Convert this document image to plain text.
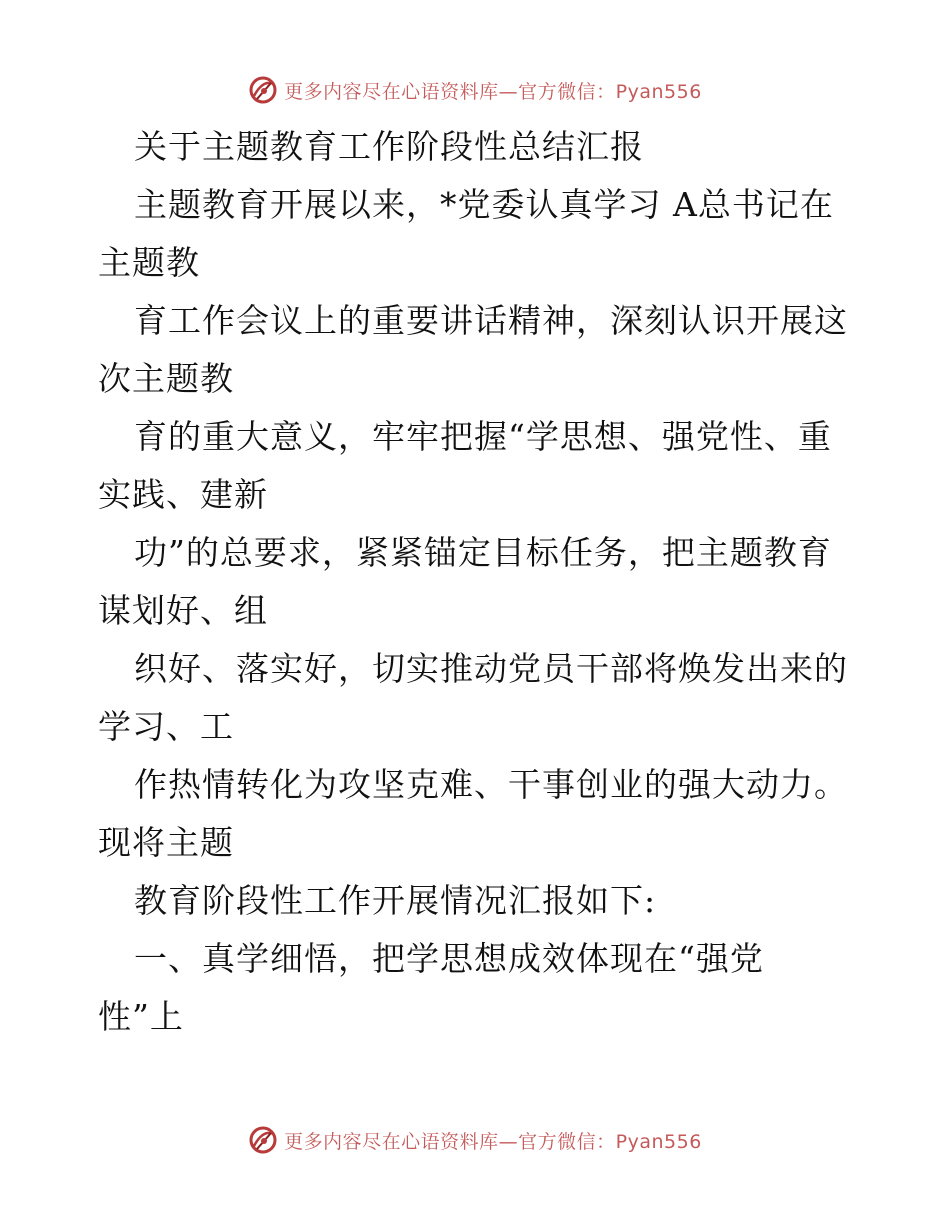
更多内容尽在心语资料库—官方微信：Pyan556
关于主题教育工作阶段性总结汇报
主题教育开展以来，*党委认真学习 A总书记在
主题教
育工作会议上的重要讲话精神，深刻认识开展这
次主题教
育的重大意义，牢牢把握“学思想、强党性、重
实践、建新
功”的总要求，紧紧锚定目标任务，把主题教育
谋划好、组
织好、落实好，切实推动党员干部将焕发出来的
学习、工
作热情转化为攻坚克难、干事创业的强大动力。
现将主题
教育阶段性工作开展情况汇报如下:
一、真学细悟，把学思想成效体现在“强党
性”上
更多内容尽在心语资料库—官方微信：Pyan556
